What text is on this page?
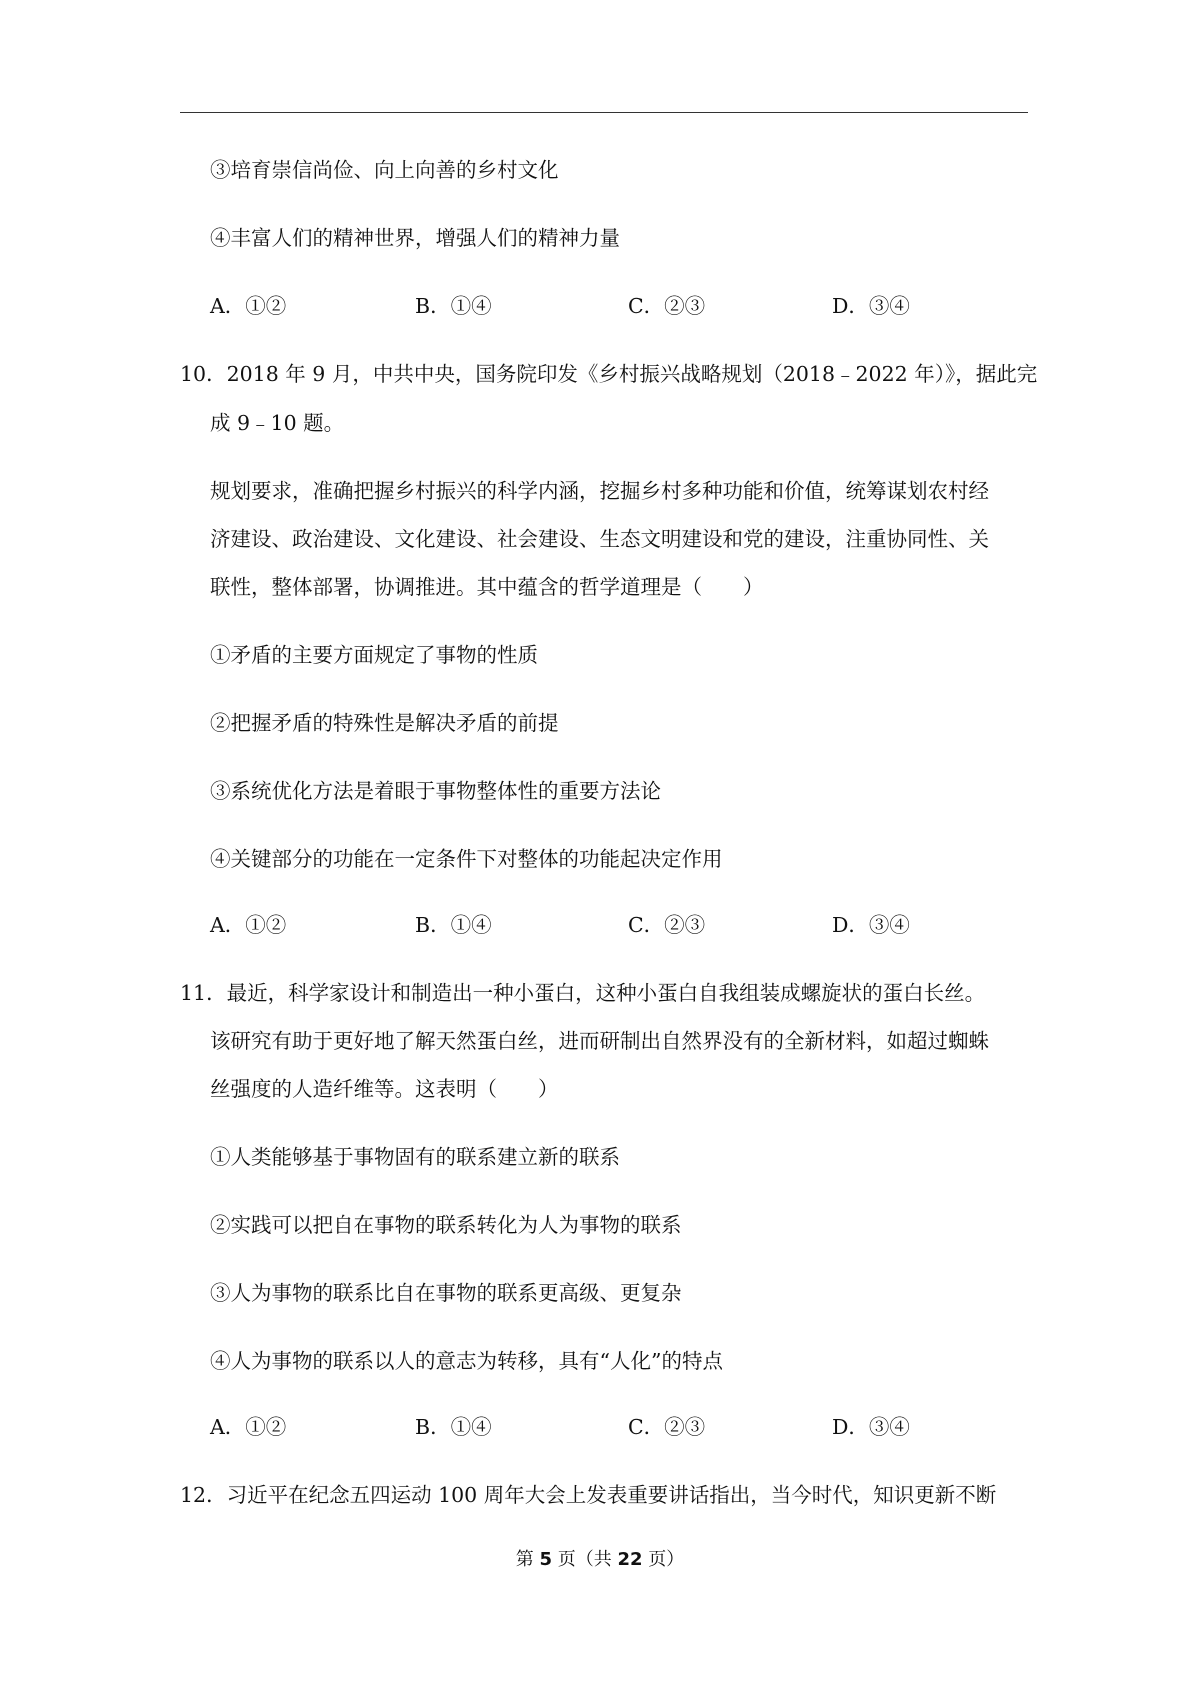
③培育崇信尚俭、向上向善的乡村文化
④丰富人们的精神世界，增强人们的精神力量
A．①②	B．①④	C．②③	D．③④
10．2018 年 9 月，中共中央，国务院印发《乡村振兴战略规划（2018﹣2022 年）》，据此完
成 9﹣10 题。
规划要求，准确把握乡村振兴的科学内涵，挖掘乡村多种功能和价值，统筹谋划农村经
济建设、政治建设、文化建设、社会建设、生态文明建设和党的建设，注重协同性、关
联性，整体部署，协调推进。其中蕴含的哲学道理是（　　）
①矛盾的主要方面规定了事物的性质
②把握矛盾的特殊性是解决矛盾的前提
③系统优化方法是着眼于事物整体性的重要方法论
④关键部分的功能在一定条件下对整体的功能起决定作用
A．①②	B．①④	C．②③	D．③④
11．最近，科学家设计和制造出一种小蛋白，这种小蛋白自我组装成螺旋状的蛋白长丝。
该研究有助于更好地了解天然蛋白丝，进而研制出自然界没有的全新材料，如超过蜘蛛
丝强度的人造纤维等。这表明（　　）
①人类能够基于事物固有的联系建立新的联系
②实践可以把自在事物的联系转化为人为事物的联系
③人为事物的联系比自在事物的联系更高级、更复杂
④人为事物的联系以人的意志为转移，具有“人化”的特点
A．①②	B．①④	C．②③	D．③④
12．习近平在纪念五四运动 100 周年大会上发表重要讲话指出，当今时代，知识更新不断
第 5 页（共 22 页）
